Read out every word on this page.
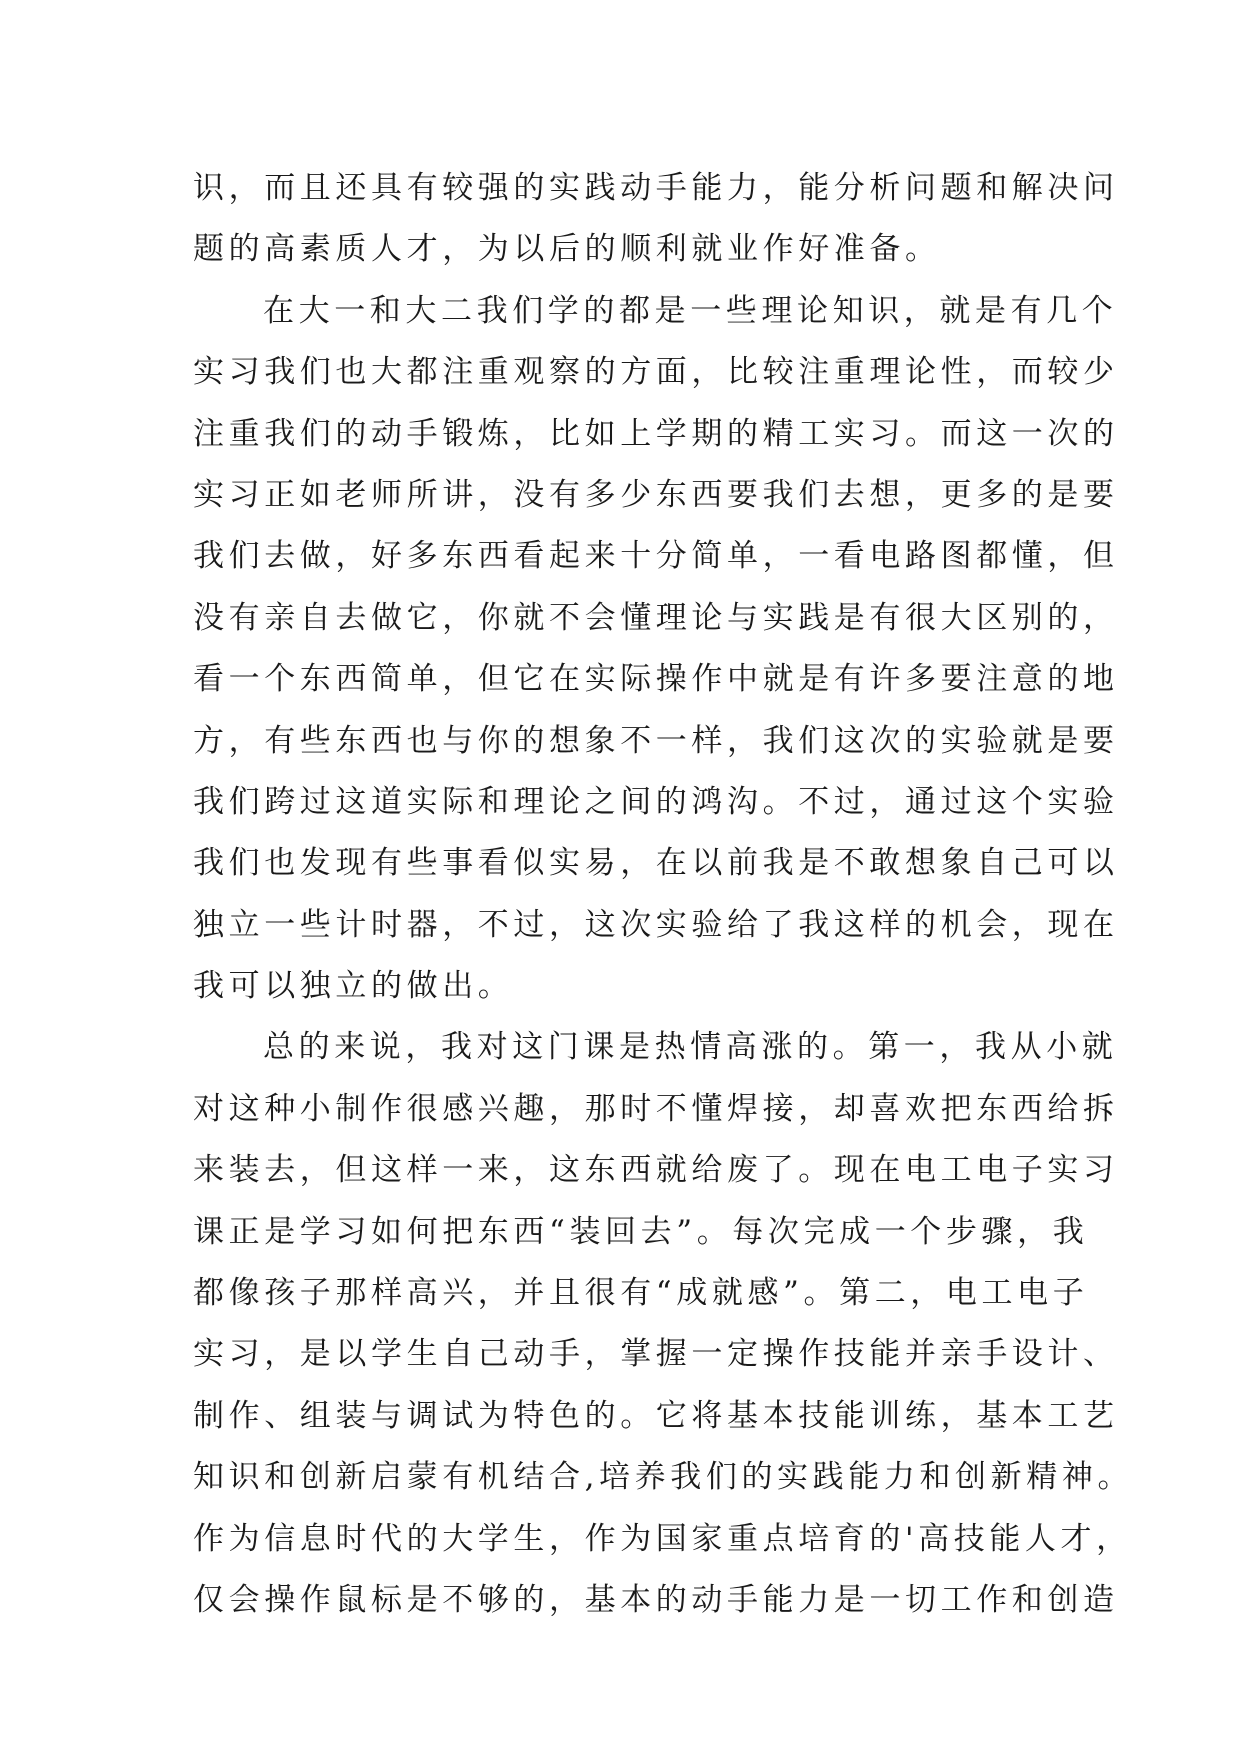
识，而且还具有较强的实践动手能力，能分析问题和解决问
题的高素质人才，为以后的顺利就业作好准备。
在大一和大二我们学的都是一些理论知识，就是有几个
实习我们也大都注重观察的方面，比较注重理论性，而较少
注重我们的动手锻炼，比如上学期的精工实习。而这一次的
实习正如老师所讲，没有多少东西要我们去想，更多的是要
我们去做，好多东西看起来十分简单，一看电路图都懂，但
没有亲自去做它，你就不会懂理论与实践是有很大区别的，
看一个东西简单，但它在实际操作中就是有许多要注意的地
方，有些东西也与你的想象不一样，我们这次的实验就是要
我们跨过这道实际和理论之间的鸿沟。不过，通过这个实验
我们也发现有些事看似实易，在以前我是不敢想象自己可以
独立一些计时器，不过，这次实验给了我这样的机会，现在
我可以独立的做出。
总的来说，我对这门课是热情高涨的。第一，我从小就
对这种小制作很感兴趣，那时不懂焊接，却喜欢把东西给拆
来装去，但这样一来，这东西就给废了。现在电工电子实习
课正是学习如何把东西“装回去”。每次完成一个步骤，我
都像孩子那样高兴，并且很有“成就感”。第二，电工电子
实习，是以学生自己动手，掌握一定操作技能并亲手设计、
制作、组装与调试为特色的。它将基本技能训练，基本工艺
知识和创新启蒙有机结合,培养我们的实践能力和创新精神。
作为信息时代的大学生，作为国家重点培育的'高技能人才，
仅会操作鼠标是不够的，基本的动手能力是一切工作和创造
